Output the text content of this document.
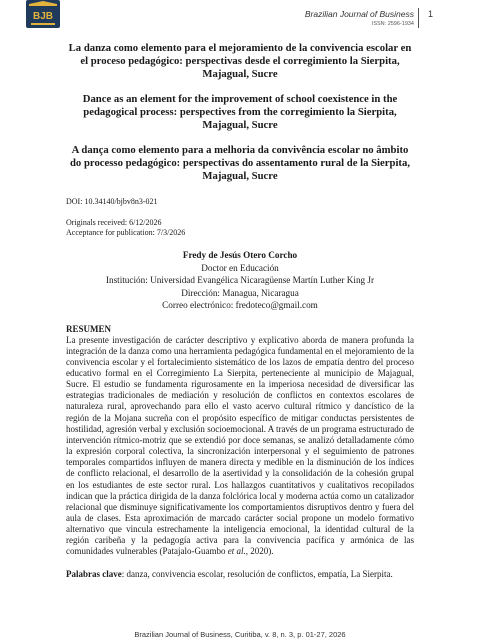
BJB	Brazilian Journal of Business
ISSN: 2596-1934
1

La danza como elemento para el mejoramiento de la convivencia escolar en el proceso pedagógico: perspectivas desde el corregimiento la Sierpita, Majagual, Sucre

Dance as an element for the improvement of school coexistence in the pedagogical process: perspectives from the corregimiento la Sierpita, Majagual, Sucre

A dança como elemento para a melhoria da convivência escolar no âmbito do processo pedagógico: perspectivas do assentamento rural de la Sierpita, Majagual, Sucre

DOI: 10.34140/bjbv8n3-021

Originals received: 6/12/2026

Acceptance for publication: 7/3/2026

Fredy de Jesús Otero Corcho
Doctor en Educación
Institución: Universidad Evangélica Nicaragüense Martín Luther King Jr
Dirección: Managua, Nicaragua
Correo electrónico: fredoteco@gmail.com
RESUMEN

La presente investigación de carácter descriptivo y explicativo aborda de manera profunda la integración de la danza como una herramienta pedagógica fundamental en el mejoramiento de la convivencia escolar y el fortalecimiento sistemático de los lazos de empatía dentro del proceso educativo formal en el Corregimiento La Sierpita, perteneciente al municipio de Majagual, Sucre. El estudio se fundamenta rigurosamente en la imperiosa necesidad de diversificar las estrategias tradicionales de mediación y resolución de conflictos en contextos escolares de naturaleza rural, aprovechando para ello el vasto acervo cultural rítmico y dancístico de la región de la Mojana sucreña con el propósito específico de mitigar conductas persistentes de hostilidad, agresión verbal y exclusión socioemocional. A través de un programa estructurado de intervención rítmico-motriz que se extendió por doce semanas, se analizó detalladamente cómo la expresión corporal colectiva, la sincronización interpersonal y el seguimiento de patrones temporales compartidos influyen de manera directa y medible en la disminución de los índices de conflicto relacional, el desarrollo de la asertividad y la consolidación de la cohesión grupal en los estudiantes de este sector rural. Los hallazgos cuantitativos y cualitativos recopilados indican que la práctica dirigida de la danza folclórica local y moderna actúa como un catalizador relacional que disminuye significativamente los comportamientos disruptivos dentro y fuera del aula de clases. Esta aproximación de marcado carácter social propone un modelo formativo alternativo que vincula estrechamente la inteligencia emocional, la identidad cultural de la región caribeña y la pedagogía activa para la convivencia pacífica y armónica de las comunidades vulnerables (Patajalo-Guambo et al., 2020).

Palabras clave: danza, convivencia escolar, resolución de conflictos, empatía, La Sierpita.

Brazilian Journal of Business, Curitiba, v. 8, n. 3, p. 01-27, 2026
